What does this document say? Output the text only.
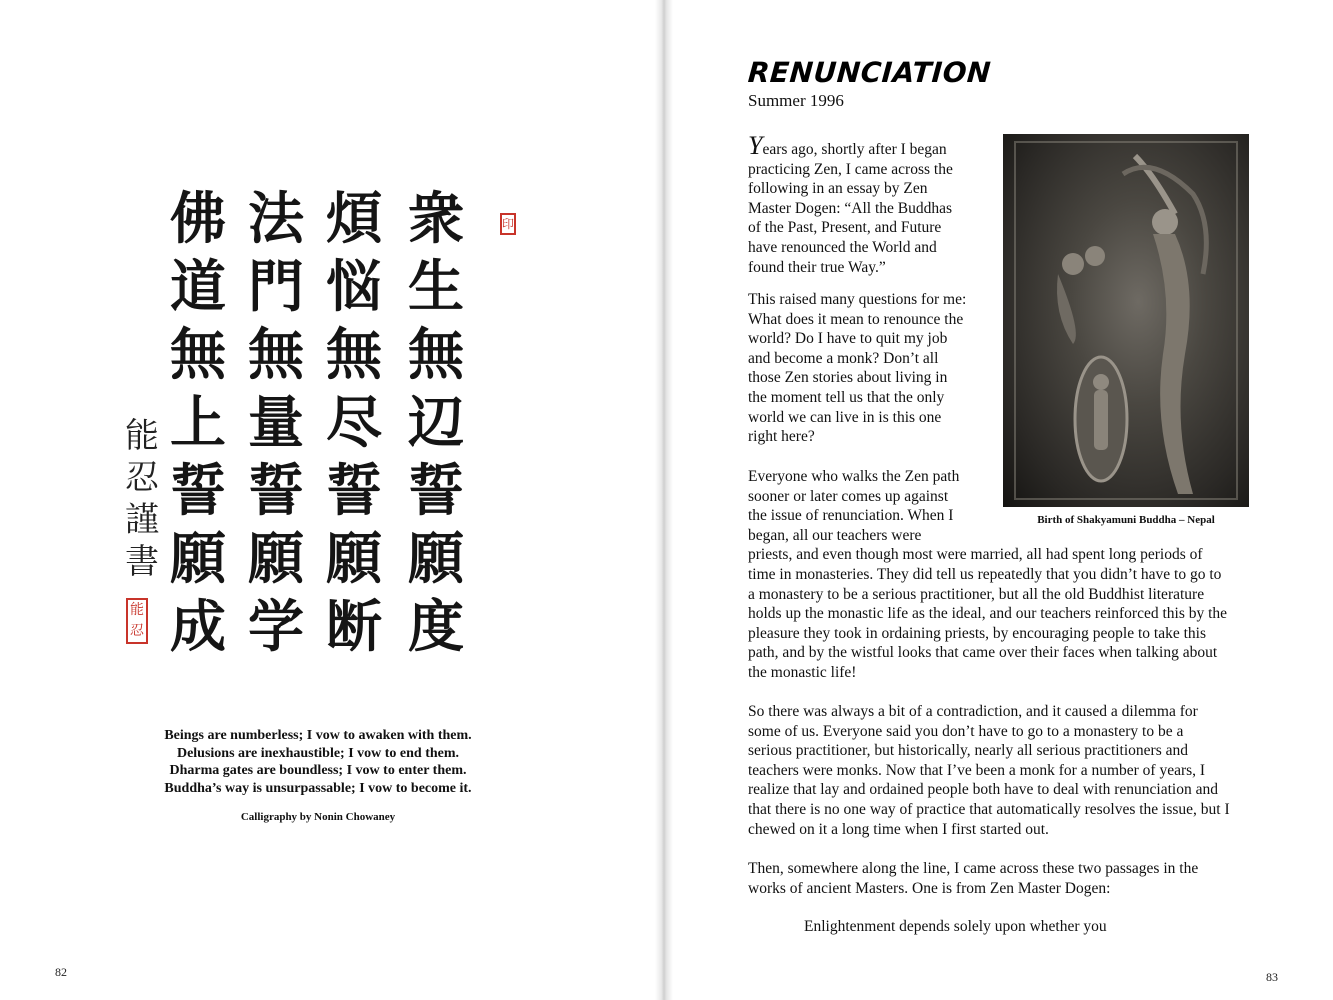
衆
生
無
辺
誓
願
度
煩
悩
無
尽
誓
願
断
法
門
無
量
誓
願
学
佛
道
無
上
誓
願
成
能
忍
謹
書
印
能
忍
Beings are numberless; I vow to awaken with them.
Delusions are inexhaustible; I vow to end them.
Dharma gates are boundless; I vow to enter them.
Buddha’s way is unsurpassable; I vow to become it.
Calligraphy by Nonin Chowaney
82
RENUNCIATION
Summer 1996
Years ago, shortly after I began
practicing Zen, I came across the
following in an essay by Zen
Master Dogen: “All the Buddhas
of the Past, Present, and Future
have renounced the World and
found their true Way.”
This raised many questions for me:
What does it mean to renounce the
world? Do I have to quit my job
and become a monk? Don’t all
those Zen stories about living in
the moment tell us that the only
world we can live in is this one
right here?
Everyone who walks the Zen path
sooner or later comes up against
the issue of renunciation. When I
began, all our teachers were
priests, and even though most were married, all had spent long periods of
time in monasteries. They did tell us repeatedly that you didn’t have to go to
a monastery to be a serious practitioner, but all the old Buddhist literature
holds up the monastic life as the ideal, and our teachers reinforced this by the
pleasure they took in ordaining priests, by encouraging people to take this
path, and by the wistful looks that came over their faces when talking about
the monastic life!
So there was always a bit of a contradiction, and it caused a dilemma for
some of us. Everyone said you don’t have to go to a monastery to be a
serious practitioner, but historically, nearly all serious practitioners and
teachers were monks. Now that I’ve been a monk for a number of years, I
realize that lay and ordained people both have to deal with renunciation and
that there is no one way of practice that automatically resolves the issue, but I
chewed on it a long time when I first started out.
Then, somewhere along the line, I came across these two passages in the
works of ancient Masters. One is from Zen Master Dogen:
Enlightenment depends solely upon whether you
Birth of Shakyamuni Buddha – Nepal
83
